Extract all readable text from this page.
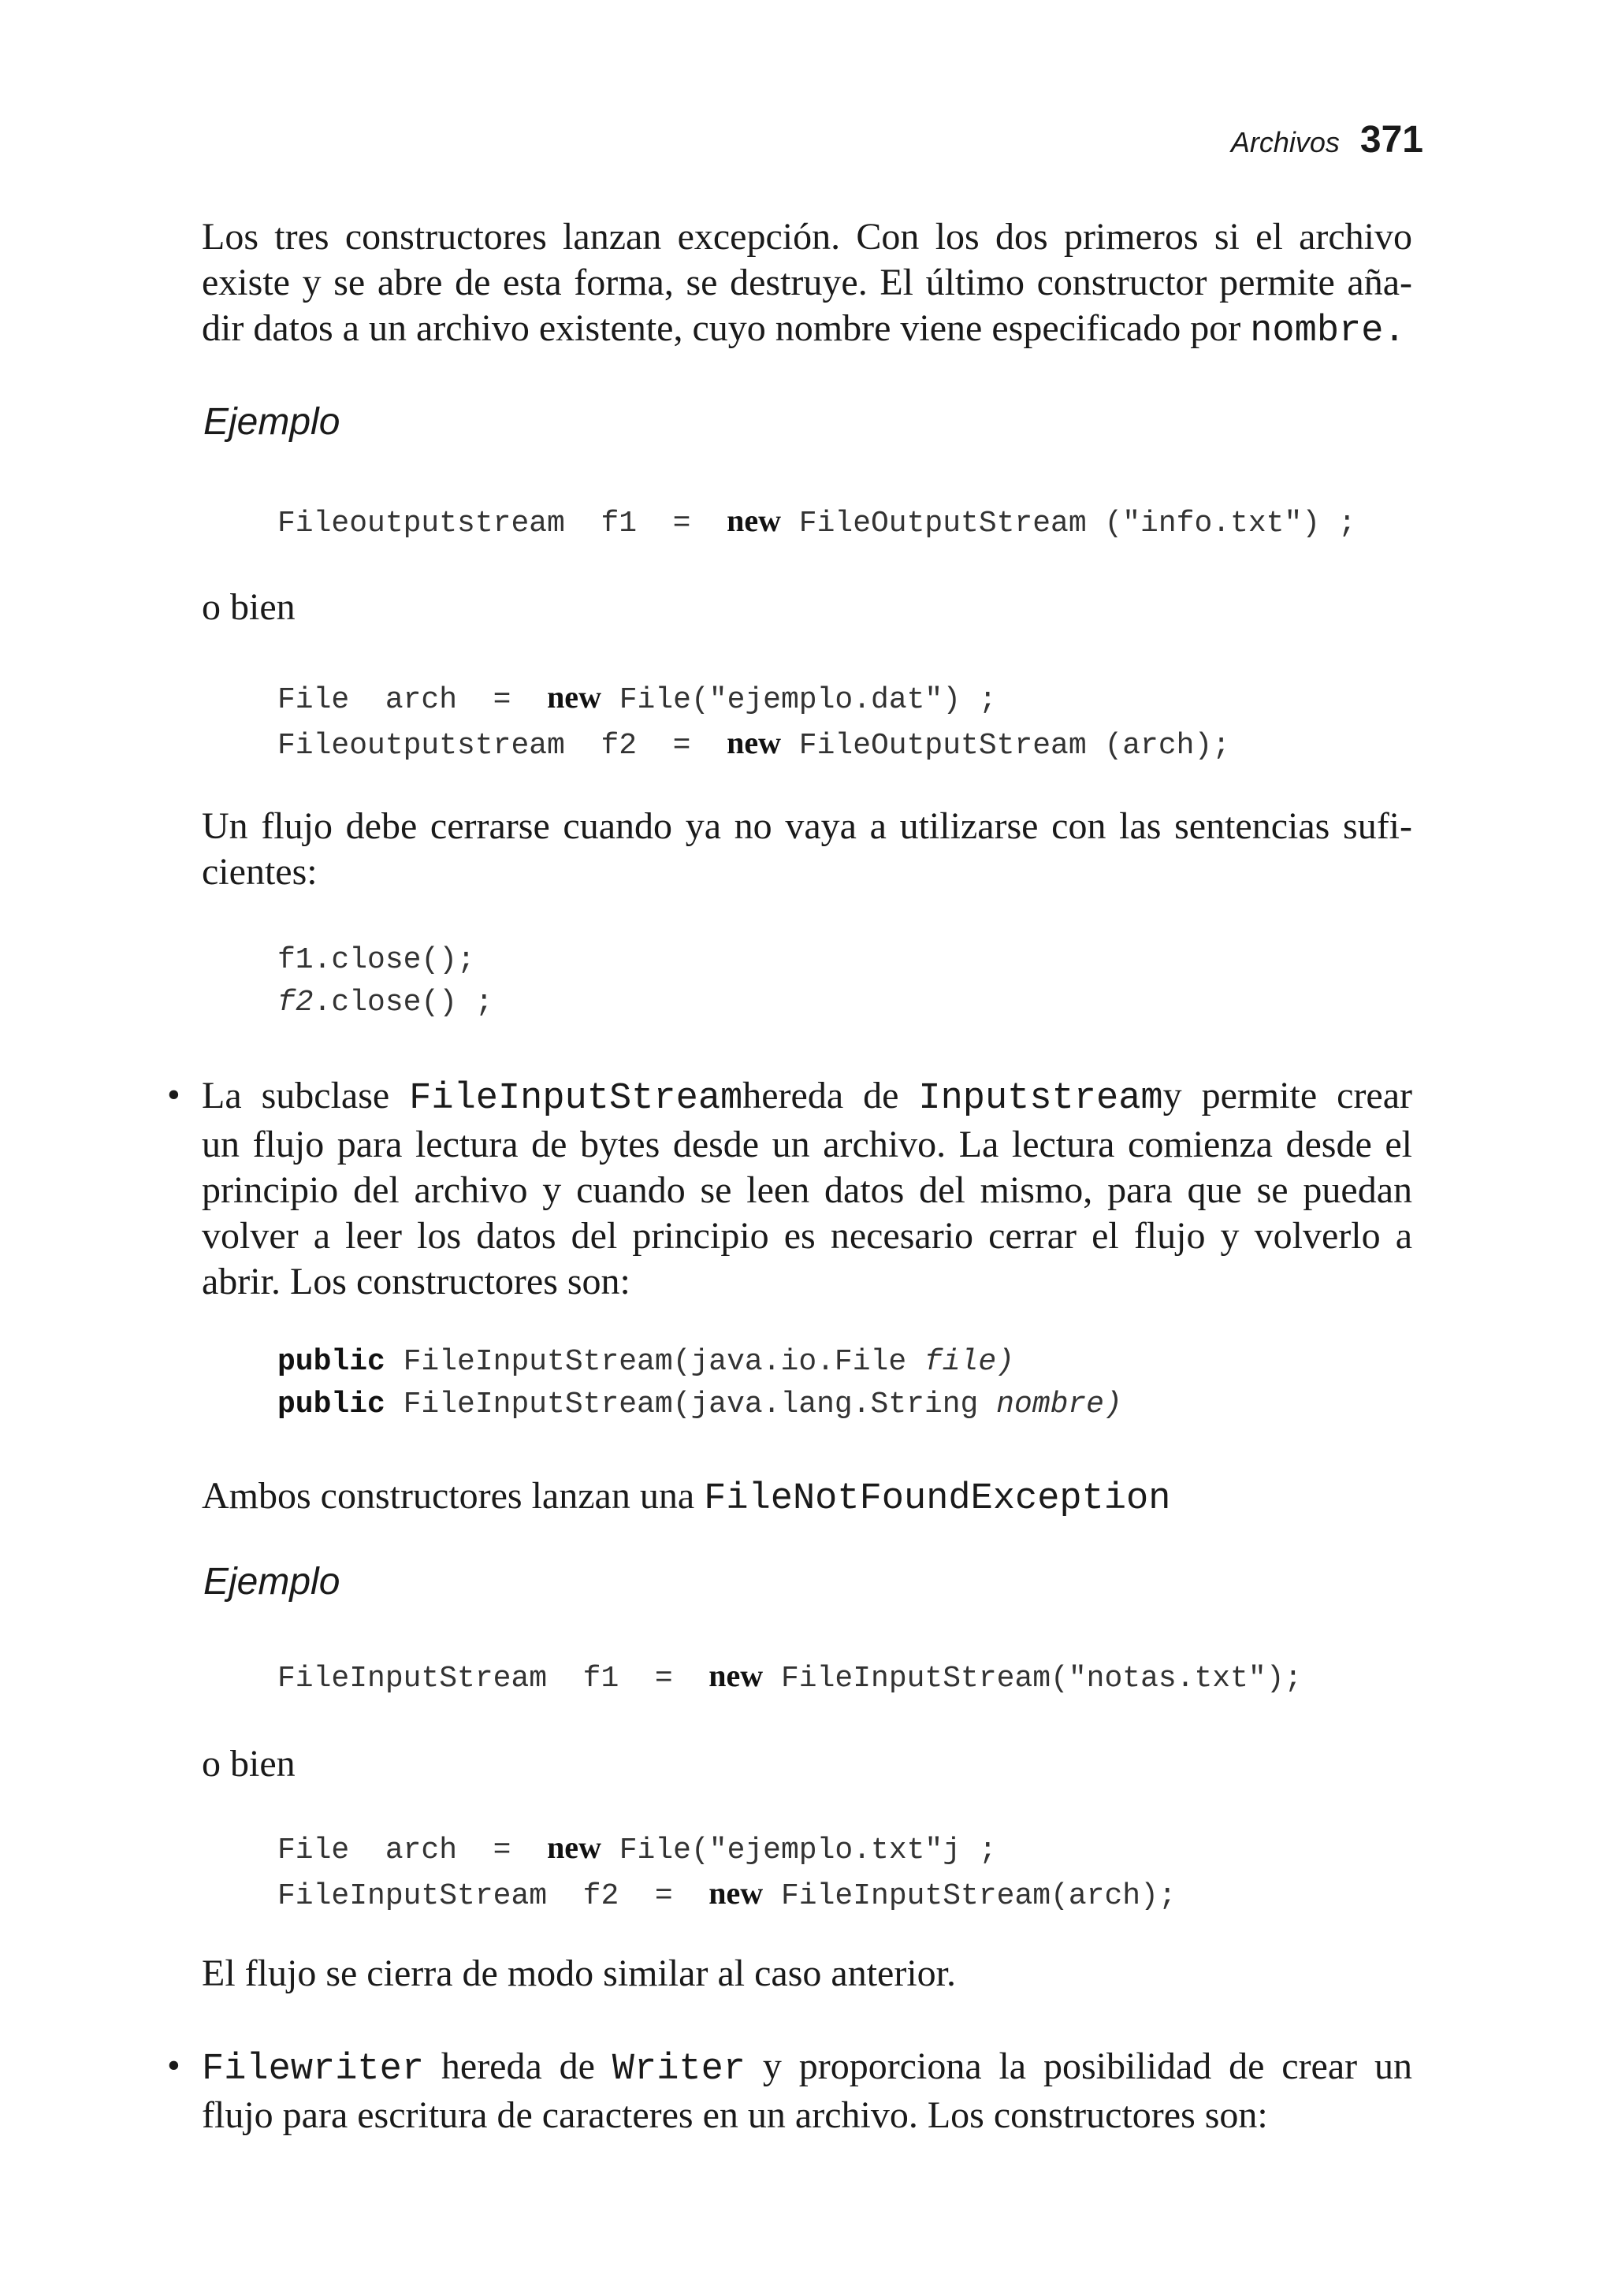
Archivos 371

Los tres constructores lanzan excepción. Con los dos primeros si el archivo
existe y se abre de esta forma, se destruye. El último constructor permite aña-
dir datos a un archivo existente, cuyo nombre viene especificado por nombre.

Ejemplo

Fileoutputstream  f1  =  new FileOutputStream ("info.txt") ;

o bien

File  arch  =  new File("ejemplo.dat") ;
Fileoutputstream  f2  =  new FileOutputStream (arch);

Un flujo debe cerrarse cuando ya no vaya a utilizarse con las sentencias sufi-
cientes:

f1.close();
f2.close() ;
• La subclase FileInputStreamhereda de Inputstreamy permite crear
un flujo para lectura de bytes desde un archivo. La lectura comienza desde el
principio del archivo y cuando se leen datos del mismo, para que se puedan
volver a leer los datos del principio es necesario cerrar el flujo y volverlo a
abrir. Los constructores son:

public FileInputStream(java.io.File file)
public FileInputStream(java.lang.String nombre)

Ambos constructores lanzan una FileNotFoundException

Ejemplo

FileInputStream  f1  =  new FileInputStream("notas.txt");

o bien

File  arch  =  new File("ejemplo.txt"j ;
FileInputStream  f2  =  new FileInputStream(arch);

El flujo se cierra de modo similar al caso anterior.

• Filewriter hereda de Writer y proporciona la posibilidad de crear un
flujo para escritura de caracteres en un archivo. Los constructores son:
